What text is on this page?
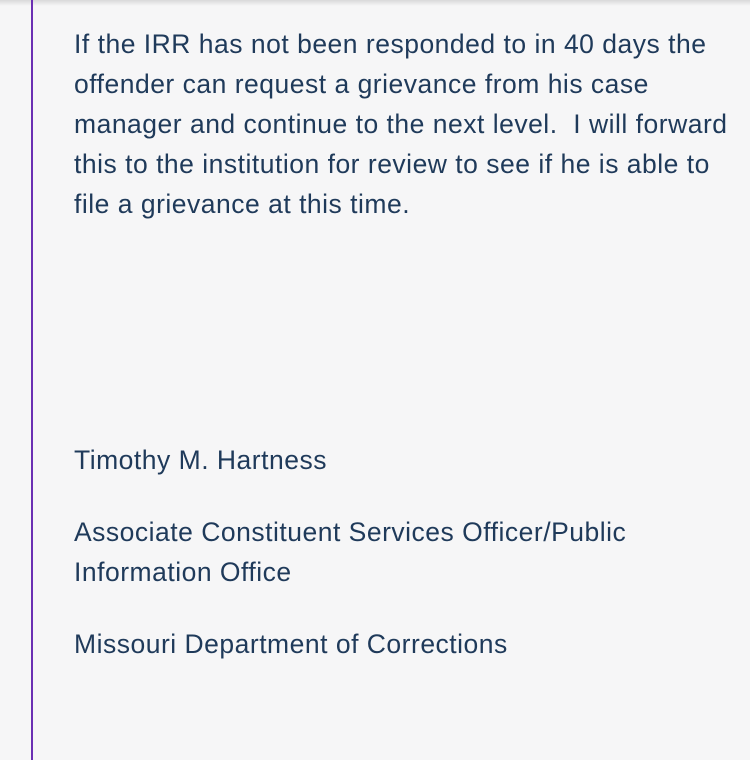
If the IRR has not been responded to in 40 days the offender can request a grievance from his case manager and continue to the next level.  I will forward this to the institution for review to see if he is able to file a grievance at this time.

Timothy M. Hartness

Associate Constituent Services Officer/Public Information Office

Missouri Department of Corrections
